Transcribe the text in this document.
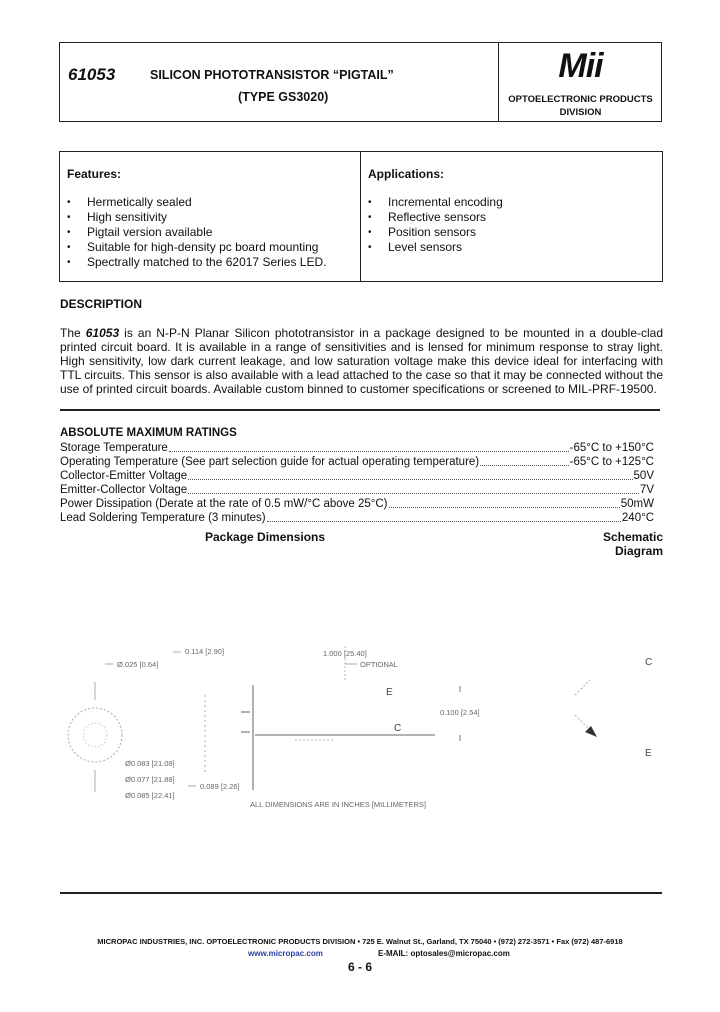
61053	SILICON PHOTOTRANSISTOR “PIGTAIL”
(TYPE GS3020)
Mii
OPTOELECTRONIC PRODUCTS
DIVISION
Features:
• Hermetically sealed
• High sensitivity
• Pigtail version available
• Suitable for high-density pc board mounting
• Spectrally matched to the 62017 Series LED.
Applications:
• Incremental encoding
• Reflective sensors
• Position sensors
• Level sensors
DESCRIPTION
The 61053 is an N-P-N Planar Silicon phototransistor in a package designed to be mounted in a double-clad printed circuit board. It is available in a range of sensitivities and is lensed for minimum response to stray light. High sensitivity, low dark current leakage, and low saturation voltage make this device ideal for interfacing with TTL circuits. This sensor is also available with a lead attached to the case so that it may be connected without the use of printed circuit boards. Available custom binned to customer specifications or screened to MIL-PRF-19500.
ABSOLUTE MAXIMUM RATINGS
Storage Temperature	-65°C to +150°C
Operating Temperature (See part selection guide for actual operating temperature)	-65°C to +125°C
Collector-Emitter Voltage	50V
Emitter-Collector Voltage	7V
Power Dissipation (Derate at the rate of 0.5 mW/°C above 25°C)	50mW
Lead Soldering Temperature (3 minutes)	240°C
Package Dimensions	Schematic Diagram
0.114 [2.90]	1.000 [25.40]
Ø.025 [0.64]	OPTIONAL
E
C
0.100 [2.54]
Ø0.083 [21.08]
Ø0.077 [21.88]
Ø0.085 [22.41]
0.089 [2.26]
ALL DIMENSIONS ARE IN INCHES [MILLIMETERS]
C
E
MICROPAC INDUSTRIES, INC. OPTOELECTRONIC PRODUCTS DIVISION • 725 E. Walnut St., Garland, TX 75040 • (972) 272-3571 • Fax (972) 487-6918
www.micropac.com	E-MAIL: optosales@micropac.com
6 - 6
